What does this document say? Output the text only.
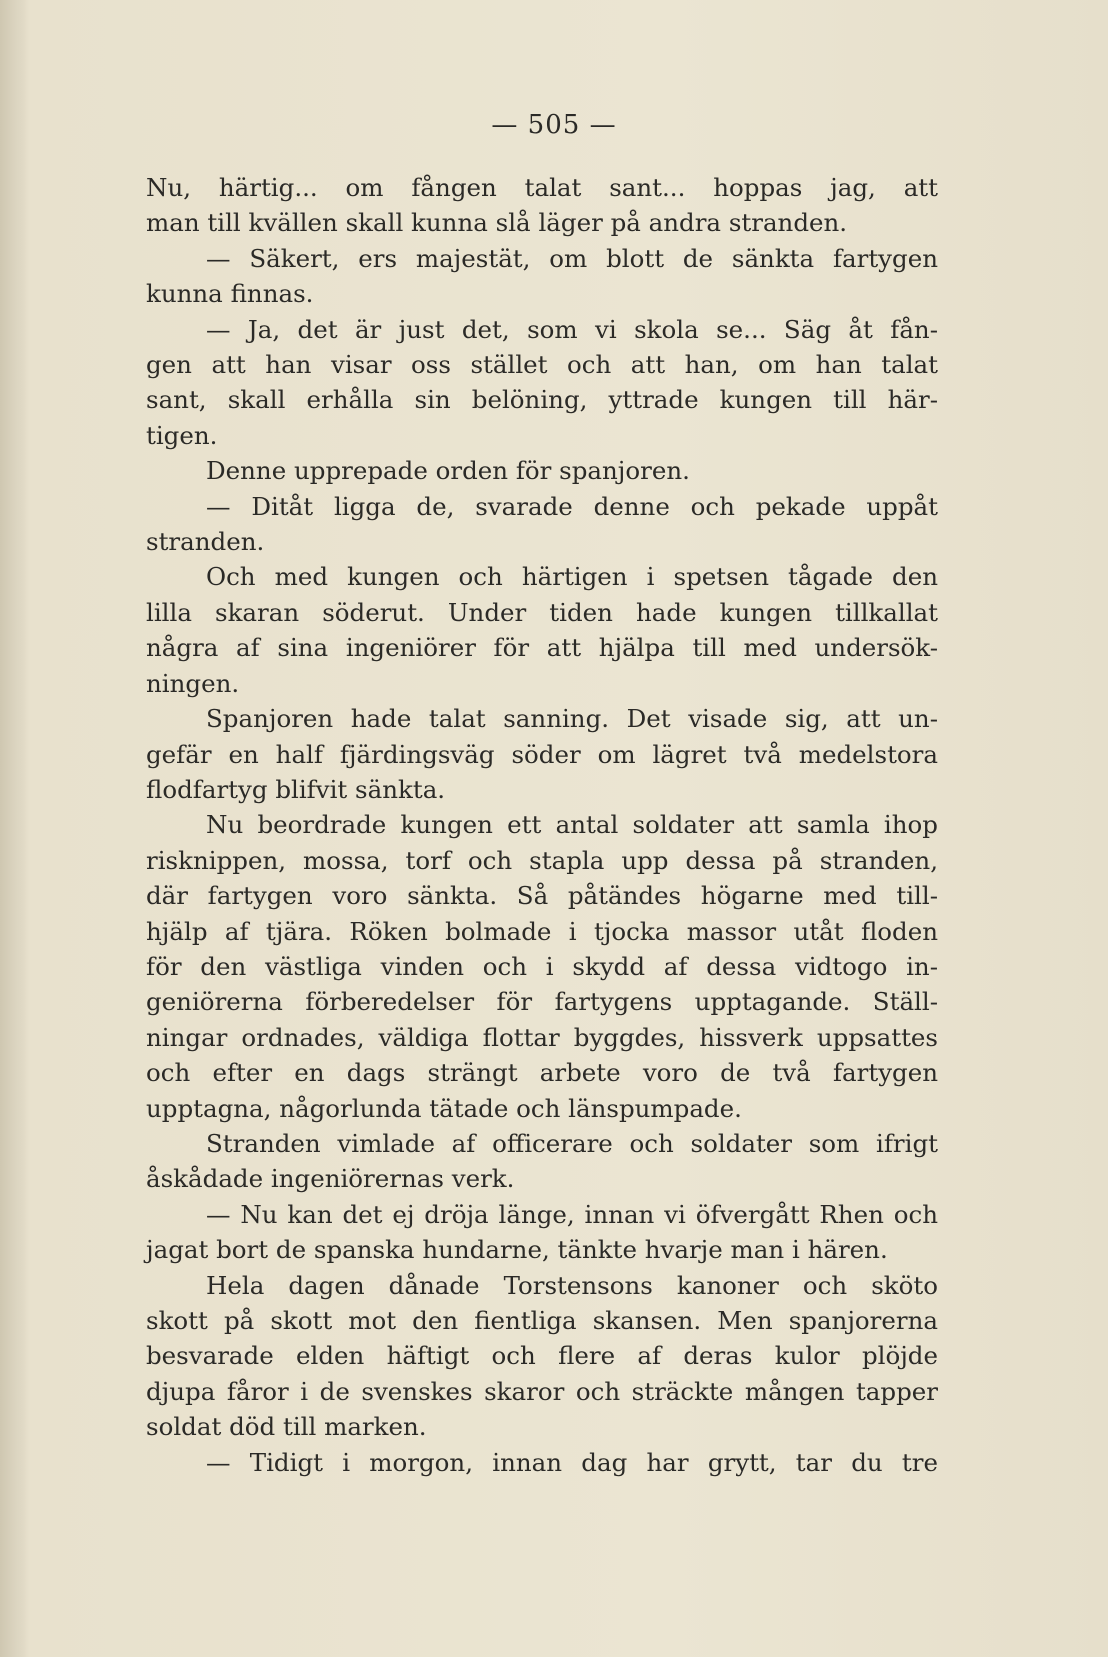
— 505 —
Nu, härtig... om fången talat sant... hoppas jag, att
man till kvällen skall kunna slå läger på andra stranden.
— Säkert, ers majestät, om blott de sänkta fartygen
kunna finnas.
— Ja, det är just det, som vi skola se... Säg åt fån-
gen att han visar oss stället och att han, om han talat
sant, skall erhålla sin belöning, yttrade kungen till här-
tigen.
Denne upprepade orden för spanjoren.
— Ditåt ligga de, svarade denne och pekade uppåt
stranden.
Och med kungen och härtigen i spetsen tågade den
lilla skaran söderut. Under tiden hade kungen tillkallat
några af sina ingeniörer för att hjälpa till med undersök-
ningen.
Spanjoren hade talat sanning. Det visade sig, att un-
gefär en half fjärdingsväg söder om lägret två medelstora
flodfartyg blifvit sänkta.
Nu beordrade kungen ett antal soldater att samla ihop
risknippen, mossa, torf och stapla upp dessa på stranden,
där fartygen voro sänkta. Så påtändes högarne med till-
hjälp af tjära. Röken bolmade i tjocka massor utåt floden
för den västliga vinden och i skydd af dessa vidtogo in-
geniörerna förberedelser för fartygens upptagande. Ställ-
ningar ordnades, väldiga flottar byggdes, hissverk uppsattes
och efter en dags strängt arbete voro de två fartygen
upptagna, någorlunda tätade och länspumpade.
Stranden vimlade af officerare och soldater som ifrigt
åskådade ingeniörernas verk.
— Nu kan det ej dröja länge, innan vi öfvergått Rhen och
jagat bort de spanska hundarne, tänkte hvarje man i hären.
Hela dagen dånade Torstensons kanoner och sköto
skott på skott mot den fientliga skansen. Men spanjorerna
besvarade elden häftigt och flere af deras kulor plöjde
djupa fåror i de svenskes skaror och sträckte mången tapper
soldat död till marken.
— Tidigt i morgon, innan dag har grytt, tar du tre
